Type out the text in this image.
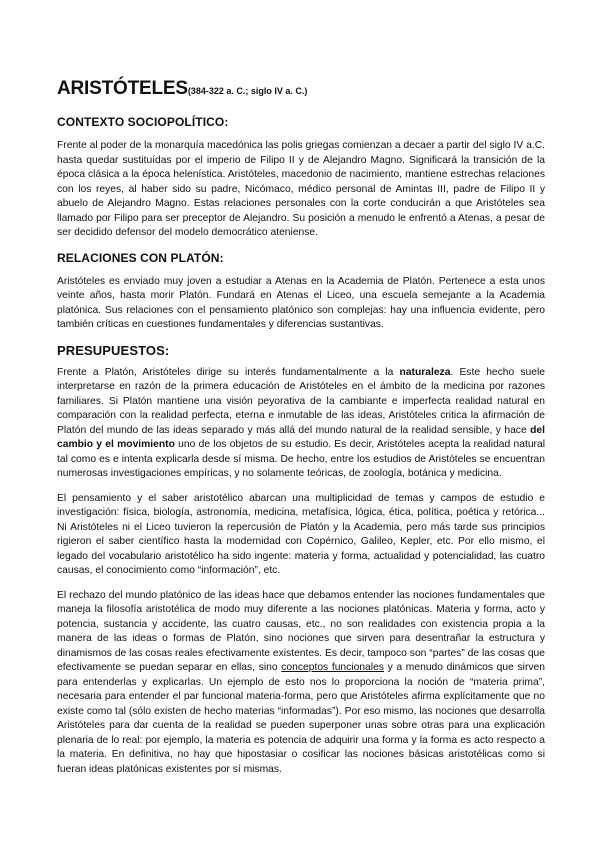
ARISTÓTELES(384-322 a. C.; siglo IV a. C.)
CONTEXTO SOCIOPOLÍTICO:

Frente al poder de la monarquía macedónica las polis griegas comienzan a decaer a partir del siglo IV a.C. hasta quedar sustituídas por el imperio de Filipo II y de Alejandro Magno. Significará la transición de la época clásica a la época helenística. Aristóteles, macedonio de nacimiento, mantiene estrechas relaciones con los reyes, al haber sido su padre, Nicómaco, médico personal de Amintas III, padre de Filipo II y abuelo de Alejandro Magno. Estas relaciones personales con la corte conducirán a que Aristóteles sea llamado por Filipo para ser preceptor de Alejandro. Su posición a menudo le enfrentó a Atenas, a pesar de ser decidido defensor del modelo democrático ateniense.

RELACIONES CON PLATÓN:

Aristóteles es enviado muy joven a estudiar a Atenas en la Academia de Platón. Pertenece a esta unos veinte años, hasta morir Platón. Fundará en Atenas el Liceo, una escuela semejante a la Academia platónica. Sus relaciones con el pensamiento platónico son complejas: hay una influencia evidente, pero también críticas en cuestiones fundamentales y diferencias sustantivas.

PRESUPUESTOS:

Frente a Platón, Aristóteles dirige su interés fundamentalmente a la naturaleza. Este hecho suele interpretarse en razón de la primera educación de Aristóteles en el ámbito de la medicina por razones familiares. Si Platón mantiene una visión peyorativa de la cambiante e imperfecta realidad natural en comparación con la realidad perfecta, eterna e inmutable de las ideas, Aristóteles critica la afirmación de Platón del mundo de las ideas separado y más allá del mundo natural de la realidad sensible, y hace del cambio y el movimiento uno de los objetos de su estudio. Es decir, Aristóteles acepta la realidad natural tal como es e intenta explicarla desde sí misma. De hecho, entre los estudios de Aristóteles se encuentran numerosas investigaciones empíricas, y no solamente teóricas, de zoología, botánica y medicina.

El pensamiento y el saber aristotélico abarcan una multiplicidad de temas y campos de estudio e investigación: física, biología, astronomía, medicina, metafísica, lógica, ética, política, poética y retórica... Ni Aristóteles ni el Liceo tuvieron la repercusión de Platón y la Academia, pero más tarde sus principios rigieron el saber científico hasta la modernidad con Copérnico, Galileo, Kepler, etc. Por ello mismo, el legado del vocabulario aristotélico ha sido ingente: materia y forma, actualidad y potencialidad, las cuatro causas, el conocimiento como “información”, etc.

El rechazo del mundo platónico de las ideas hace que debamos entender las nociones fundamentales que maneja la filosofía aristotélica de modo muy diferente a las nociones platónicas. Materia y forma, acto y potencia, sustancia y accidente, las cuatro causas, etc., no son realidades con existencia propia a la manera de las ideas o formas de Platón, sino nociones que sirven para desentrañar la estructura y dinamismos de las cosas reales efectivamente existentes. Es decir, tampoco son “partes” de las cosas que efectivamente se puedan separar en ellas, sino conceptos funcionales y a menudo dinámicos que sirven para entenderlas y explicarlas. Un ejemplo de esto nos lo proporciona la noción de “materia prima”, necesaria para entender el par funcional materia-forma, pero que Aristóteles afirma explícitamente que no existe como tal (sólo existen de hecho materias “informadas”). Por eso mismo, las nociones que desarrolla Aristóteles para dar cuenta de la realidad se pueden superponer unas sobre otras para una explicación plenaria de lo real: por ejemplo, la materia es potencia de adquirir una forma y la forma es acto respecto a la materia. En definitiva, no hay que hipostasiar o cosificar las nociones básicas aristotélicas como si fueran ideas platónicas existentes por sí mismas.
